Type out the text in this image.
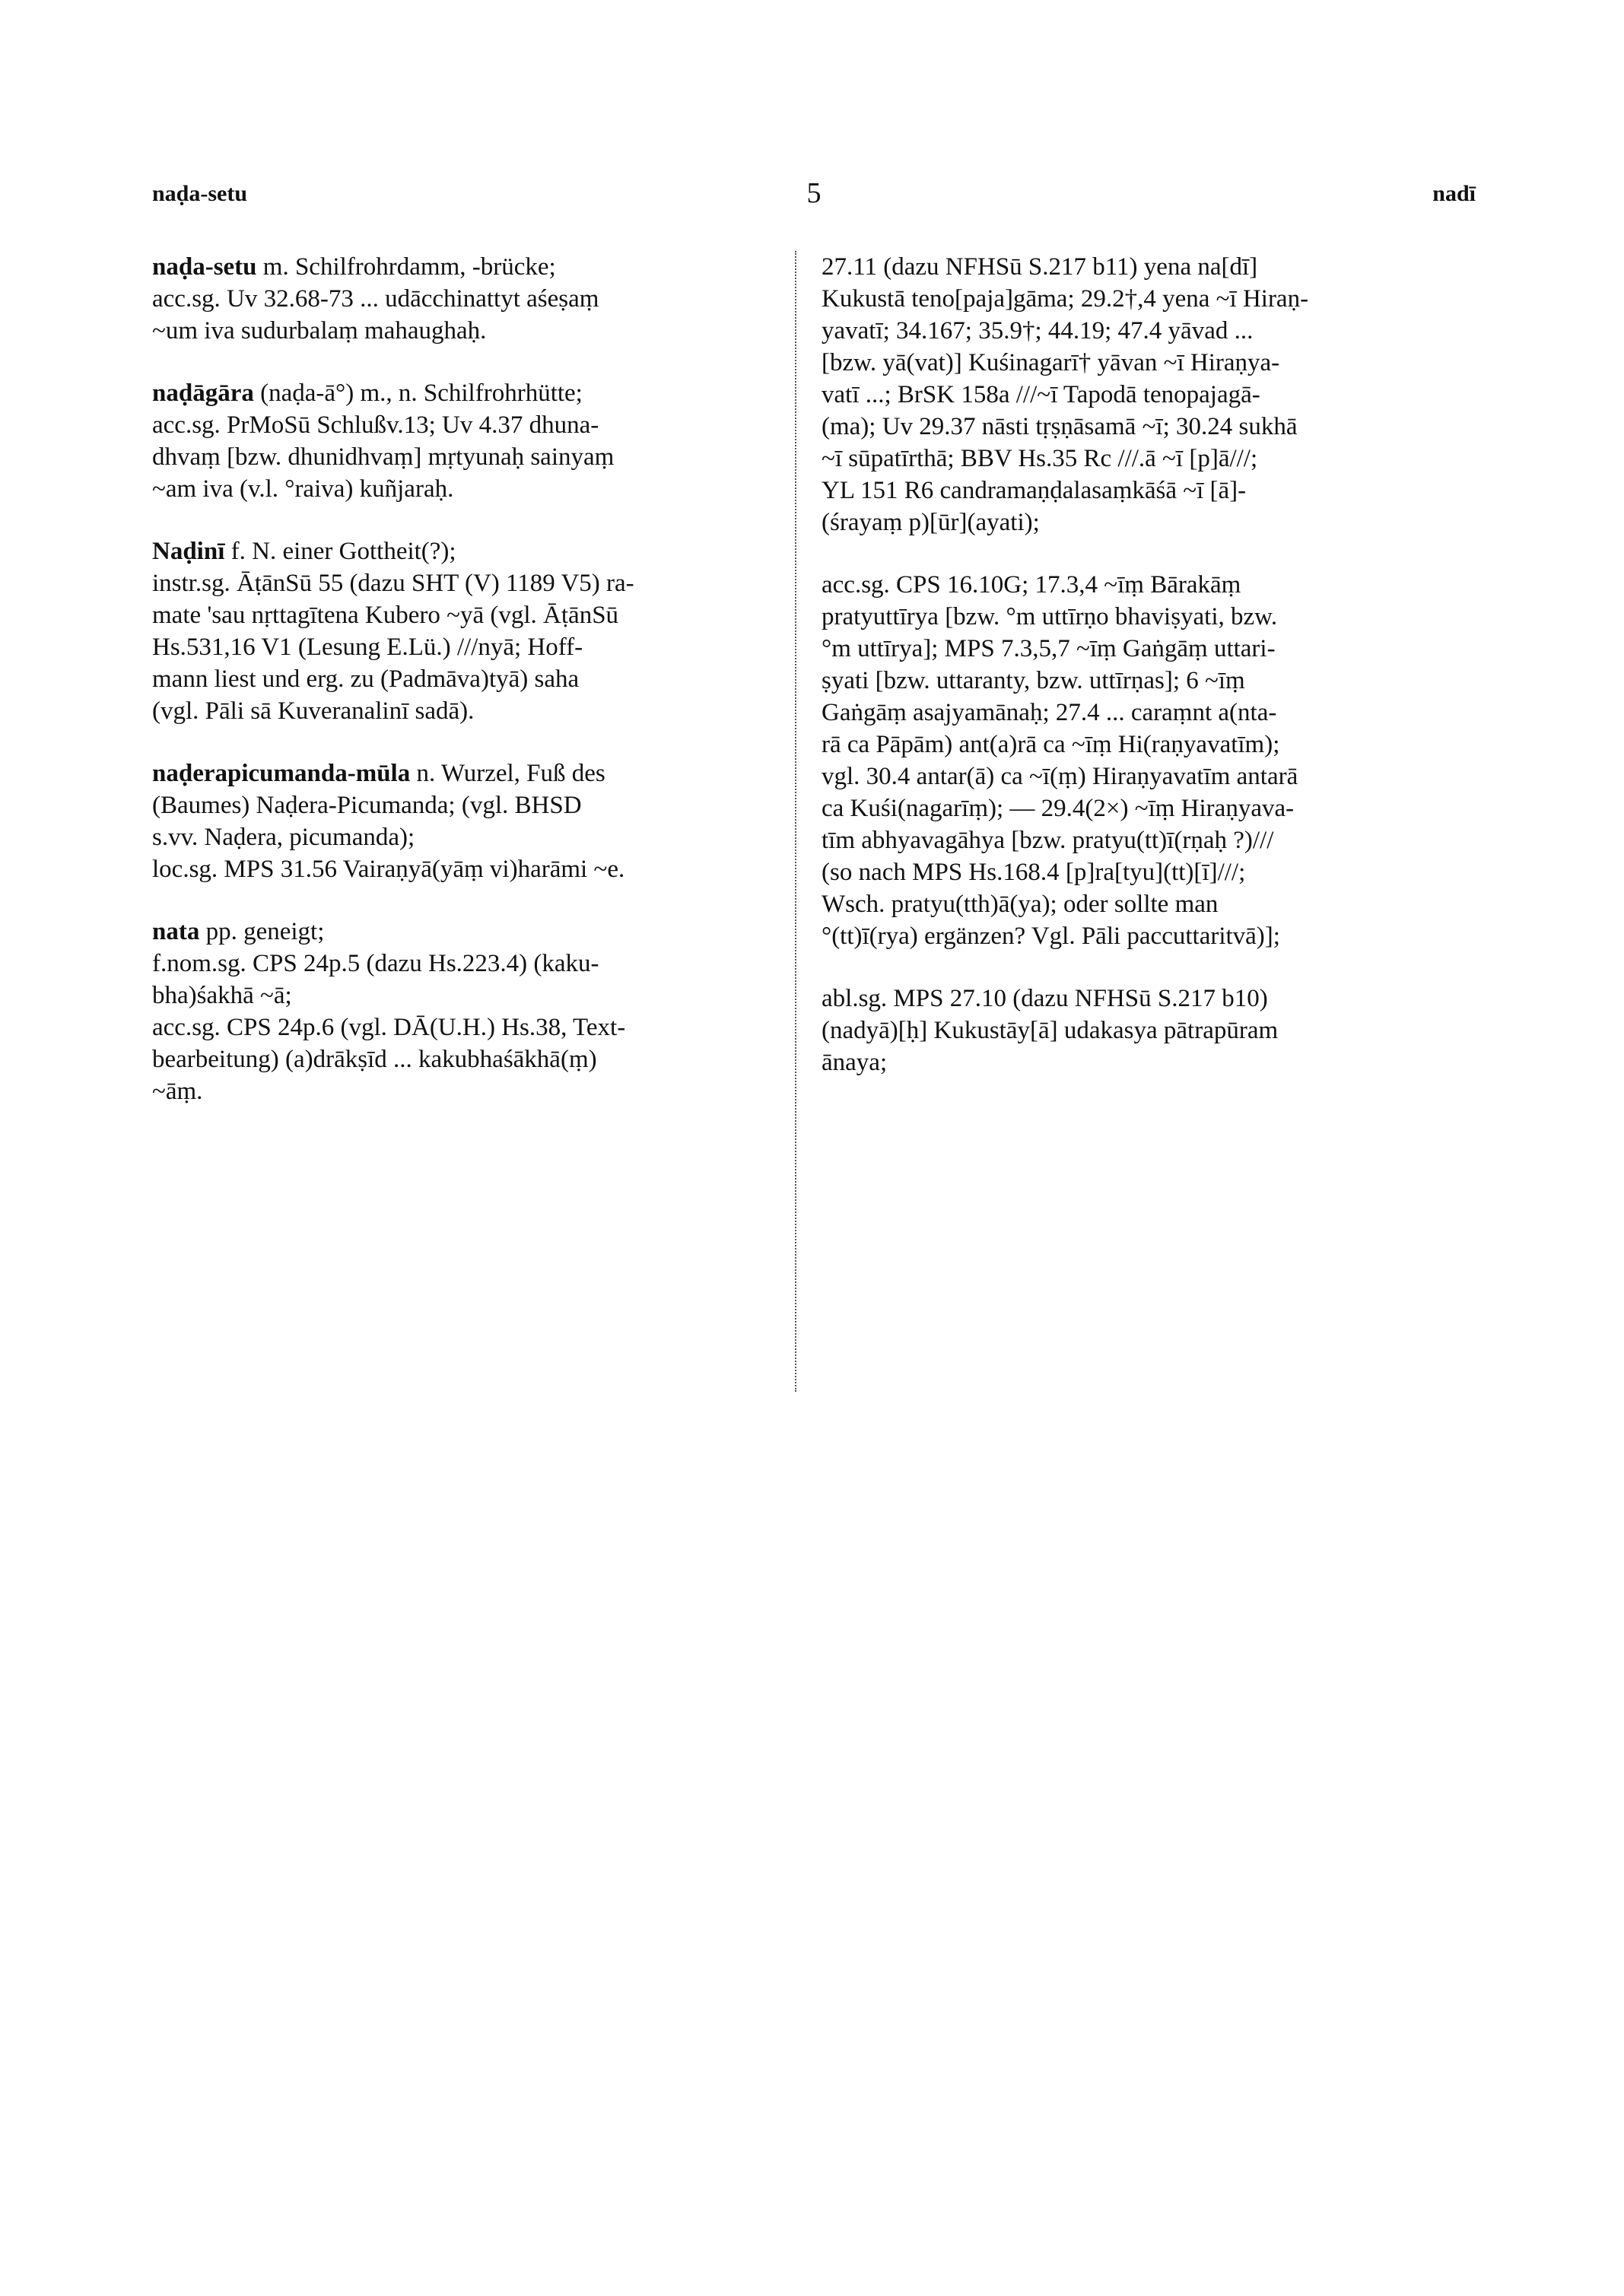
naḍa-setu	5	nadī

naḍa-setu m. Schilfrohrdamm, -brücke;

acc.sg. Uv 32.68-73 ... udācchinattyt aśeṣaṃ

~um iva sudurbalaṃ mahaughaḥ.

naḍāgāra (naḍa-ā°) m., n. Schilfrohrhütte;

acc.sg. PrMoSū Schlußv.13; Uv 4.37 dhuna-

dhvaṃ [bzw. dhunidhvaṃ] mṛtyunaḥ sainyaṃ

~am iva (v.l. °raiva) kuñjaraḥ.

Naḍinī f. N. einer Gottheit(?);

instr.sg. ĀṭānSū 55 (dazu SHT (V) 1189 V5) ra-

mate 'sau nṛttagītena Kubero ~yā (vgl. ĀṭānSū

Hs.531,16 V1 (Lesung E.Lü.) ///nyā; Hoff-

mann liest und erg. zu (Padmāva)tyā) saha

(vgl. Pāli sā Kuveranalinī sadā).

naḍerapicumanda-mūla n. Wurzel, Fuß des

(Baumes) Naḍera-Picumanda; (vgl. BHSD

s.vv. Naḍera, picumanda);

loc.sg. MPS 31.56 Vairaṇyā(yāṃ vi)harāmi ~e.

nata pp. geneigt;

f.nom.sg. CPS 24p.5 (dazu Hs.223.4) (kaku-

bha)śakhā ~ā;

acc.sg. CPS 24p.6 (vgl. DĀ(U.H.) Hs.38, Text-

bearbeitung) (a)drākṣīd ... kakubhaśākhā(ṃ)

~āṃ.

27.11 (dazu NFHSū S.217 b11) yena na[dī]

Kukustā teno[paja]gāma; 29.2†,4 yena ~ī Hiraṇ-

yavatī; 34.167; 35.9†; 44.19; 47.4 yāvad ...

[bzw. yā(vat)] Kuśinagarī† yāvan ~ī Hiraṇya-

vatī ...; BrSK 158a ///~ī Tapodā tenopajagā-

(ma); Uv 29.37 nāsti tṛṣṇāsamā ~ī; 30.24 sukhā

~ī sūpatīrthā; BBV Hs.35 Rc ///.ā ~ī [p]ā///;

YL 151 R6 candramaṇḍalasaṃkāśā ~ī [ā]-

(śrayaṃ p)[ūr](ayati);

acc.sg. CPS 16.10G; 17.3,4 ~īṃ Bārakāṃ

pratyuttīrya [bzw. °m uttīrṇo bhaviṣyati, bzw.

°m uttīrya]; MPS 7.3,5,7 ~īṃ Gaṅgāṃ uttari-

ṣyati [bzw. uttaranty, bzw. uttīrṇas]; 6 ~īṃ

Gaṅgāṃ asajyamānaḥ; 27.4 ... caraṃnt a(nta-

rā ca Pāpām) ant(a)rā ca ~īṃ Hi(raṇyavatīm);

vgl. 30.4 antar(ā) ca ~ī(ṃ) Hiraṇyavatīm antarā

ca Kuśi(nagarīṃ); — 29.4(2×) ~īṃ Hiraṇyava-

tīm abhyavagāhya [bzw. pratyu(tt)ī(rṇaḥ ?)///

(so nach MPS Hs.168.4 [p]ra[tyu](tt)[ī]///;

Wsch. pratyu(tth)ā(ya); oder sollte man

°(tt)ī(rya) ergänzen? Vgl. Pāli paccuttaritvā)];

abl.sg. MPS 27.10 (dazu NFHSū S.217 b10)

(nadyā)[ḥ] Kukustāy[ā] udakasya pātrapūram

ānaya;
